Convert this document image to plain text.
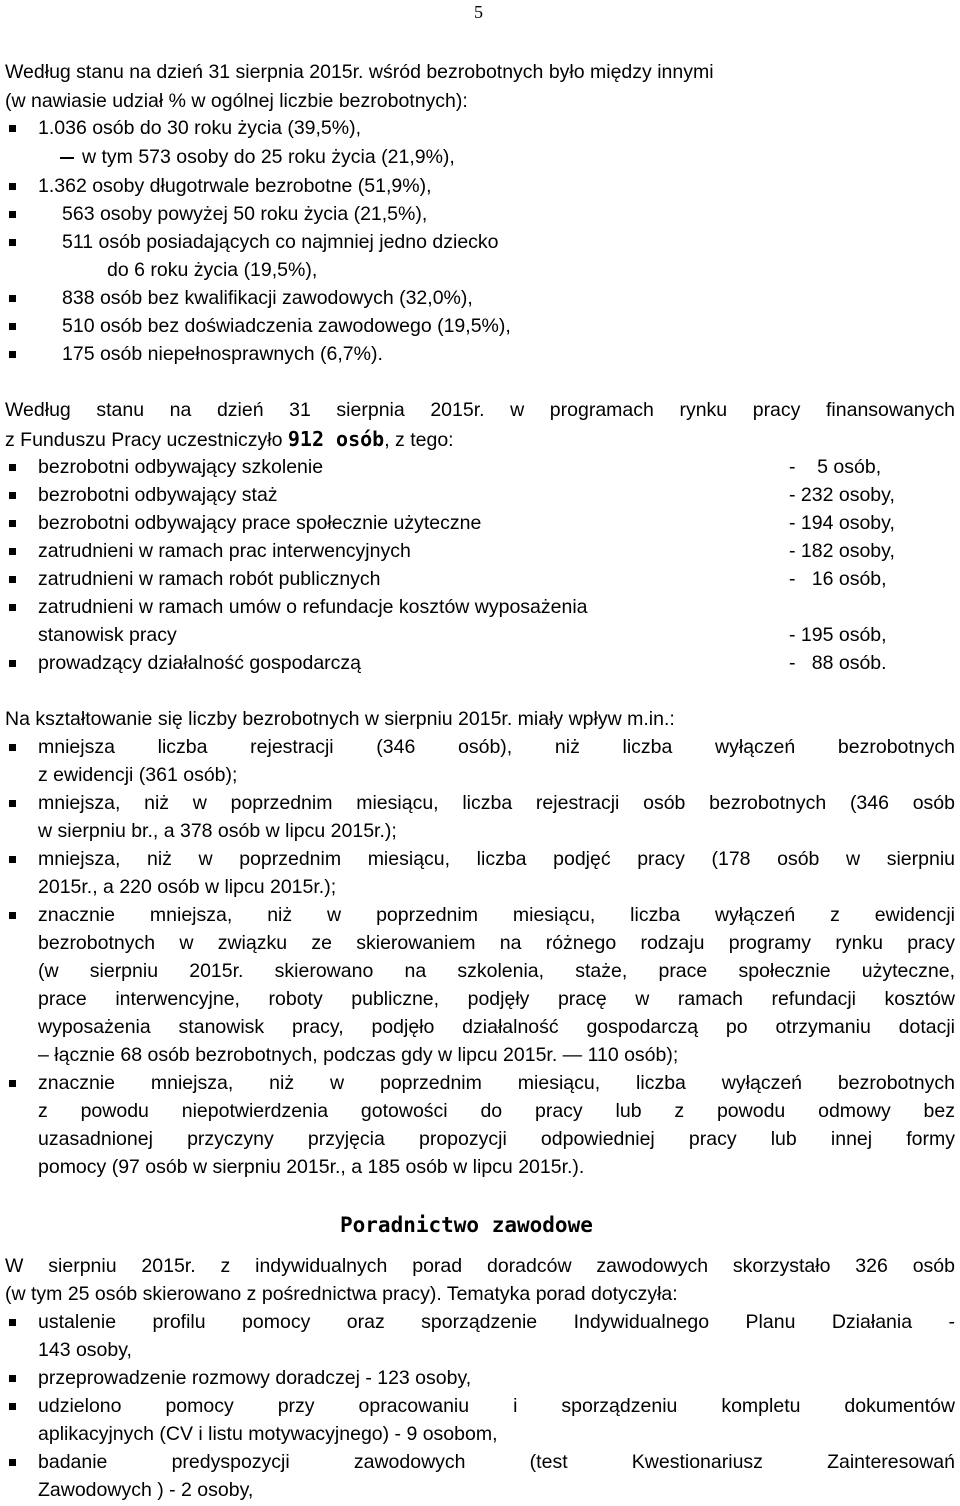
5
Według stanu na dzień 31 sierpnia 2015r. wśród bezrobotnych było między innymi
(w nawiasie udział % w ogólnej liczbie bezrobotnych):
1.036 osób do 30 roku życia (39,5%),
w tym 573 osoby do 25 roku życia (21,9%),
1.362 osoby długotrwale bezrobotne (51,9%),
563 osoby powyżej 50 roku życia (21,5%),
511 osób posiadających co najmniej jedno dziecko
do 6 roku życia (19,5%),
838 osób bez kwalifikacji zawodowych (32,0%),
510 osób bez doświadczenia zawodowego (19,5%),
175 osób niepełnosprawnych (6,7%).
Według stanu na dzień 31 sierpnia 2015r. w programach rynku pracy finansowanych
z Funduszu Pracy uczestniczyło 912 osób, z tego:
bezrobotni odbywający szkolenie	-    5 osób,
bezrobotni odbywający staż	- 232 osoby,
bezrobotni odbywający prace społecznie użyteczne	- 194 osoby,
zatrudnieni w ramach prac interwencyjnych	- 182 osoby,
zatrudnieni w ramach robót publicznych	-   16 osób,
zatrudnieni w ramach umów o refundacje kosztów wyposażenia
stanowisk pracy	- 195 osób,
prowadzący działalność gospodarczą	-   88 osób.
Na kształtowanie się liczby bezrobotnych w sierpniu 2015r. miały wpływ m.in.:
mniejsza liczba rejestracji (346 osób), niż liczba wyłączeń bezrobotnych
z ewidencji (361 osób);
mniejsza, niż w poprzednim miesiącu, liczba rejestracji osób bezrobotnych (346 osób
w sierpniu br., a 378 osób w lipcu 2015r.);
mniejsza, niż w poprzednim miesiącu, liczba podjęć pracy (178 osób w sierpniu
2015r., a 220 osób w lipcu 2015r.);
znacznie mniejsza, niż w poprzednim miesiącu, liczba wyłączeń z ewidencji
bezrobotnych w związku ze skierowaniem na różnego rodzaju programy rynku pracy
(w sierpniu 2015r. skierowano na szkolenia, staże, prace społecznie użyteczne,
prace interwencyjne, roboty publiczne, podjęły pracę w ramach refundacji kosztów
wyposażenia stanowisk pracy, podjęło działalność gospodarczą po otrzymaniu dotacji
– łącznie 68 osób bezrobotnych, podczas gdy w lipcu 2015r. — 110 osób);
znacznie mniejsza, niż w poprzednim miesiącu, liczba wyłączeń bezrobotnych
z powodu niepotwierdzenia gotowości do pracy lub z powodu odmowy bez
uzasadnionej przyczyny przyjęcia propozycji odpowiedniej pracy lub innej formy
pomocy (97 osób w sierpniu 2015r., a 185 osób w lipcu 2015r.).
Poradnictwo zawodowe
W sierpniu 2015r. z indywidualnych porad doradców zawodowych skorzystało 326 osób
(w tym 25 osób skierowano z pośrednictwa pracy). Tematyka porad dotyczyła:
ustalenie profilu pomocy oraz sporządzenie Indywidualnego Planu Działania -
143 osoby,
przeprowadzenie rozmowy doradczej - 123 osoby,
udzielono pomocy przy opracowaniu i sporządzeniu kompletu dokumentów
aplikacyjnych (CV i listu motywacyjnego) - 9 osobom,
badanie predyspozycji zawodowych (test Kwestionariusz Zainteresowań
Zawodowych ) - 2 osoby,
